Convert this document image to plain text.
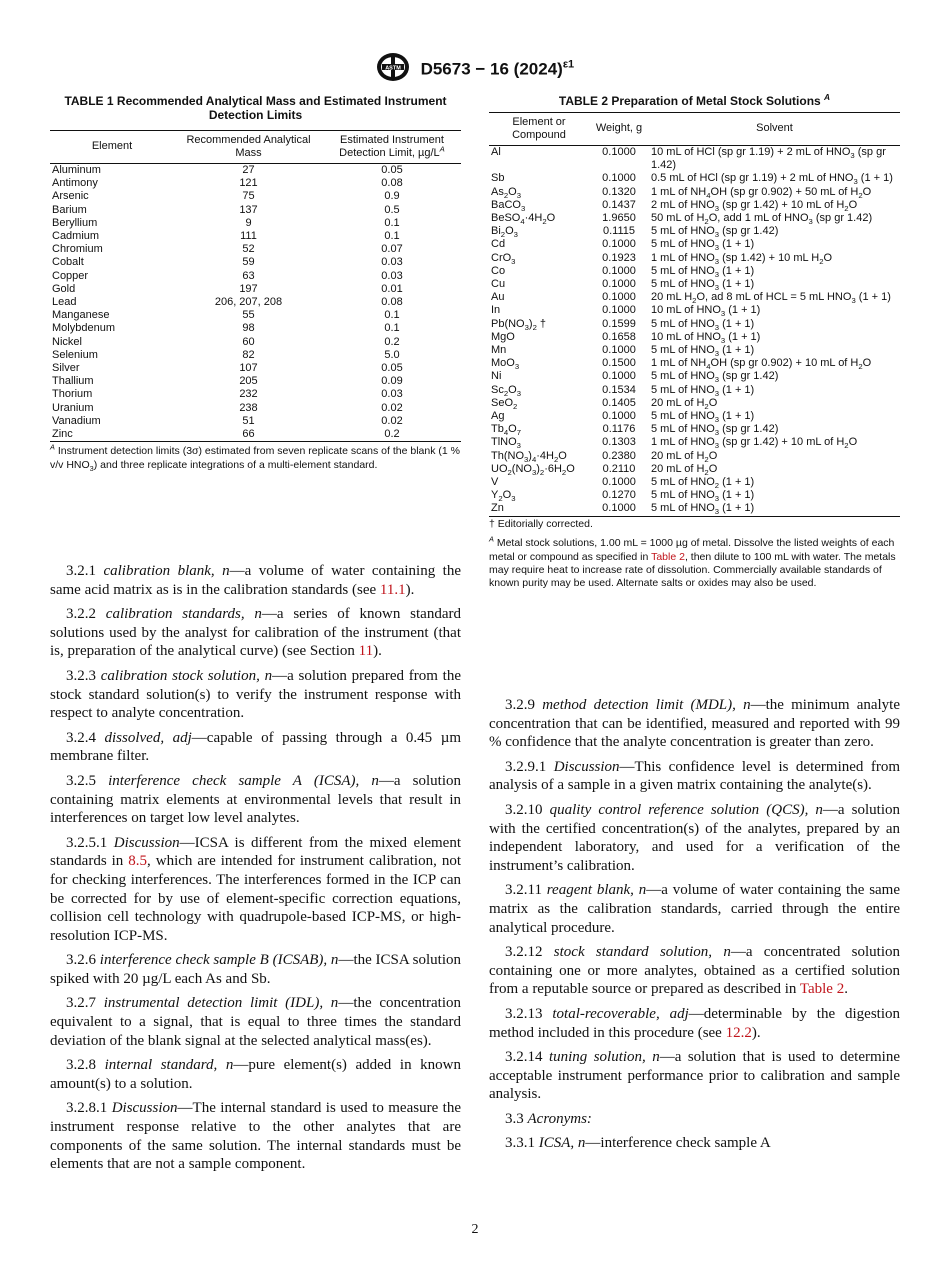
ASTM D5673 − 16 $(2024)^{\varepsilon 1}$
TABLE 1 Recommended Analytical Mass and Estimated Instrument Detection Limits
Element	Recommended Analytical Mass	Estimated Instrument Detection Limit, $\mu g/L^A$
Aluminum	27	0.05
Antimony	121	0.08
Arsenic	75	0.9
Barium	137	0.5
Beryllium	9	0.1
Cadmium	111	0.1
Chromium	52	0.07
Cobalt	59	0.03
Copper	63	0.03
Gold	197	0.01
Lead	206, 207, 208	0.08
Manganese	55	0.1
Molybdenum	98	0.1
Nickel	60	0.2
Selenium	82	5.0
Silver	107	0.05
Thallium	205	0.09
Thorium	232	0.03
Uranium	238	0.02
Vanadium	51	0.02
Zinc	66	0.2
$^A$ Instrument detection limits (3σ) estimated from seven replicate scans of the blank (1 % v/v $HNO_3$) and three replicate integrations of a multi-element standard.
TABLE 2 Preparation of Metal Stock Solutions $^A$
Element or Compound	Weight, g	Solvent
Al	0.1000	10 mL of HCl (sp gr 1.19) + 2 mL of $HNO_3$ (sp gr 1.42)
Sb	0.1000	0.5 mL of HCl (sp gr 1.19) + 2 mL of $HNO_3$ (1 + 1)
$As_2O_3$	0.1320	1 mL of $NH_4OH$ (sp gr 0.902) + 50 mL of $H_2O$
BaCO$_3$	0.1437	2 mL of $HNO_3$ (sp gr 1.42) + 10 mL of $H_2O$
$BeSO_4\cdot 4H_2O$	1.9650	50 mL of $H_2O$, add 1 mL of $HNO_3$ (sp gr 1.42)
$Bi_2O_3$	0.1115	5 mL of $HNO_3$ (sp gr 1.42)
Cd	0.1000	5 mL of $HNO_3$ (1 + 1)
CrO$_3$	0.1923	1 mL of $HNO_3$ (sp 1.42) + 10 mL $H_2O$
Co	0.1000	5 mL of $HNO_3$ (1 + 1)
Cu	0.1000	5 mL of $HNO_3$ (1 + 1)
Au	0.1000	20 mL $H_2O$, ad 8 mL of HCL = 5 mL $HNO_3$ (1 + 1)
In	0.1000	10 mL of $HNO_3$ (1 + 1)
$Pb(NO_3)_2$ †	0.1599	5 mL of $HNO_3$ (1 + 1)
MgO	0.1658	10 mL of $HNO_3$ (1 + 1)
Mn	0.1000	5 mL of $HNO_3$ (1 + 1)
MoO$_3$	0.1500	1 mL of $NH_4OH$ (sp gr 0.902) + 10 mL of $H_2O$
Ni	0.1000	5 mL of $HNO_3$ (sp gr 1.42)
$Sc_2O_3$	0.1534	5 mL of $HNO_3$ (1 + 1)
SeO$_2$	0.1405	20 mL of $H_2O$
Ag	0.1000	5 mL of $HNO_3$ (1 + 1)
$Tb_4O_7$	0.1176	5 mL of $HNO_3$ (sp gr 1.42)
TlNO$_3$	0.1303	1 mL of $HNO_3$ (sp gr 1.42) + 10 mL of $H_2O$
$Th(NO_3)_4\cdot 4H_2O$	0.2380	20 mL of $H_2O$
$UO_2(NO_3)_2\cdot 6H_2O$	0.2110	20 mL of $H_2O$
V	0.1000	5 mL of $HNO_2$ (1 + 1)
$Y_2O_3$	0.1270	5 mL of $HNO_3$ (1 + 1)
Zn	0.1000	5 mL of $HNO_3$ (1 + 1)
† Editorially corrected.
$^A$ Metal stock solutions, 1.00 mL = 1000 µg of metal. Dissolve the listed weights of each metal or compound as specified in Table 2, then dilute to 100 mL with water. The metals may require heat to increase rate of dissolution. Commercially available standards of known purity may be used. Alternate salts or oxides may also be used.

3.2.1 calibration blank, n—a volume of water containing the same acid matrix as is in the calibration standards (see 11.1).

3.2.2 calibration standards, n—a series of known standard solutions used by the analyst for calibration of the instrument (that is, preparation of the analytical curve) (see Section 11).

3.2.3 calibration stock solution, n—a solution prepared from the stock standard solution(s) to verify the instrument response with respect to analyte concentration.

3.2.4 dissolved, adj—capable of passing through a 0.45 µm membrane filter.

3.2.5 interference check sample A (ICSA), n—a solution containing matrix elements at environmental levels that result in interferences on target low level analytes.

3.2.5.1 Discussion—ICSA is different from the mixed element standards in 8.5, which are intended for instrument calibration, not for checking interferences. The interferences formed in the ICP can be corrected for by use of element-specific correction equations, collision cell technology with quadrupole-based ICP-MS, or high-resolution ICP-MS.

3.2.6 interference check sample B (ICSAB), n—the ICSA solution spiked with 20 µg/L each As and Sb.

3.2.7 instrumental detection limit (IDL), n—the concentration equivalent to a signal, that is equal to three times the standard deviation of the blank signal at the selected analytical mass(es).

3.2.8 internal standard, n—pure element(s) added in known amount(s) to a solution.

3.2.8.1 Discussion—The internal standard is used to measure the instrument response relative to the other analytes that are components of the same solution. The internal standards must be elements that are not a sample component.

3.2.9 method detection limit (MDL), n—the minimum analyte concentration that can be identified, measured and reported with 99 % confidence that the analyte concentration is greater than zero.

3.2.9.1 Discussion—This confidence level is determined from analysis of a sample in a given matrix containing the analyte(s).

3.2.10 quality control reference solution (QCS), n—a solution with the certified concentration(s) of the analytes, prepared by an independent laboratory, and used for a verification of the instrument’s calibration.

3.2.11 reagent blank, n—a volume of water containing the same matrix as the calibration standards, carried through the entire analytical procedure.

3.2.12 stock standard solution, n—a concentrated solution containing one or more analytes, obtained as a certified solution from a reputable source or prepared as described in Table 2.

3.2.13 total-recoverable, adj—determinable by the digestion method included in this procedure (see 12.2).

3.2.14 tuning solution, n—a solution that is used to determine acceptable instrument performance prior to calibration and sample analysis.

3.3 Acronyms:

3.3.1 ICSA, n—interference check sample A

2
